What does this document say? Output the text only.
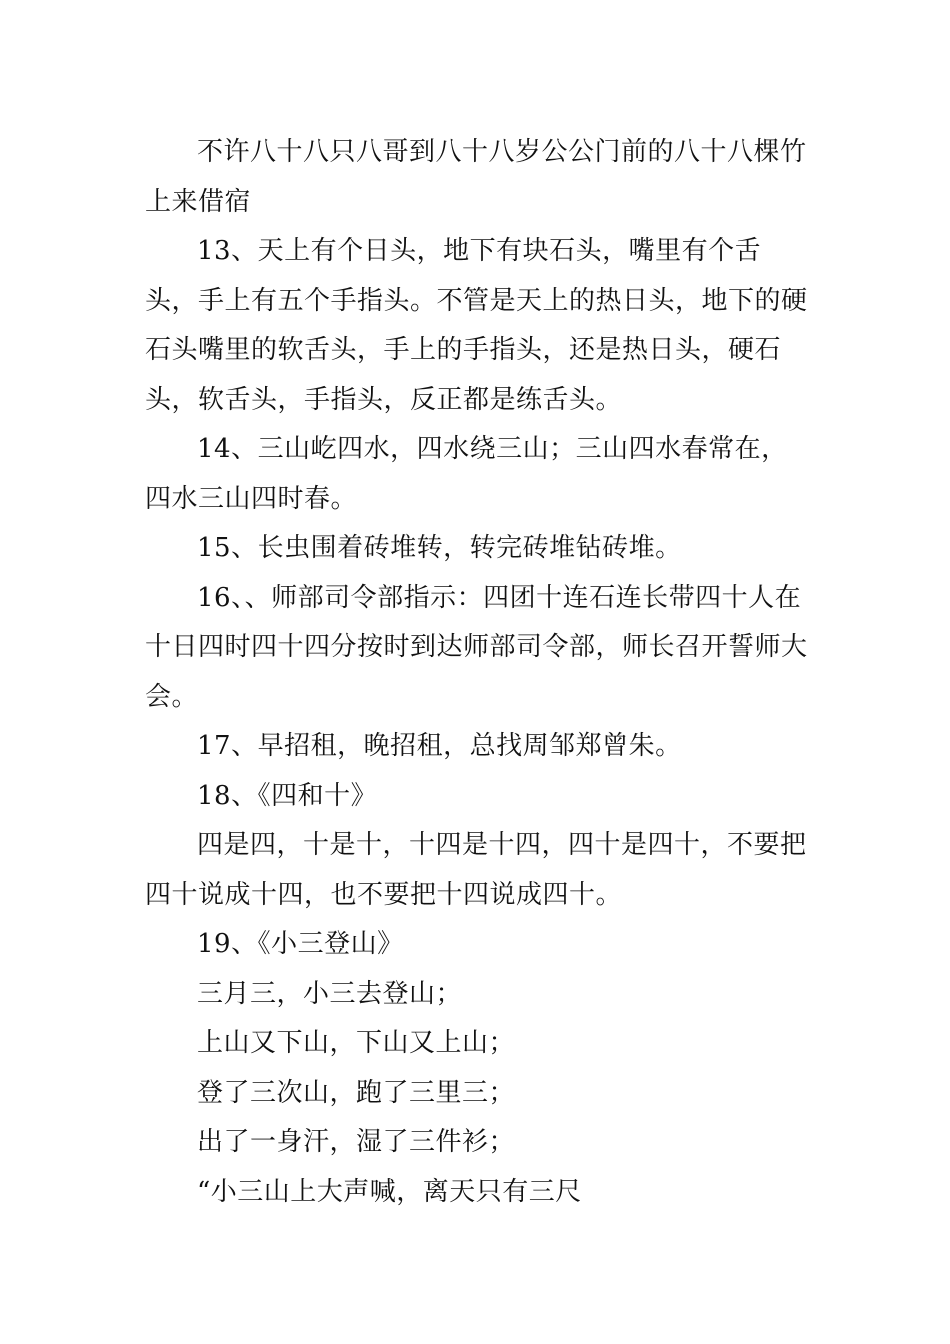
不许八十八只八哥到八十八岁公公门前的八十八棵竹上来借宿

13、天上有个日头，地下有块石头，嘴里有个舌头，手上有五个手指头。不管是天上的热日头，地下的硬石头嘴里的软舌头，手上的手指头，还是热日头，硬石头，软舌头，手指头，反正都是练舌头。

14、三山屹四水，四水绕三山；三山四水春常在，四水三山四时春。

15、长虫围着砖堆转，转完砖堆钻砖堆。

16、、师部司令部指示：四团十连石连长带四十人在十日四时四十四分按时到达师部司令部，师长召开誓师大会。

17、早招租，晚招租，总找周邹郑曾朱。

18、《四和十》

四是四，十是十，十四是十四，四十是四十，不要把四十说成十四，也不要把十四说成四十。

19、《小三登山》

三月三，小三去登山；

上山又下山，下山又上山；

登了三次山，跑了三里三；

出了一身汗，湿了三件衫；

“小三山上大声喊，离天只有三尺
